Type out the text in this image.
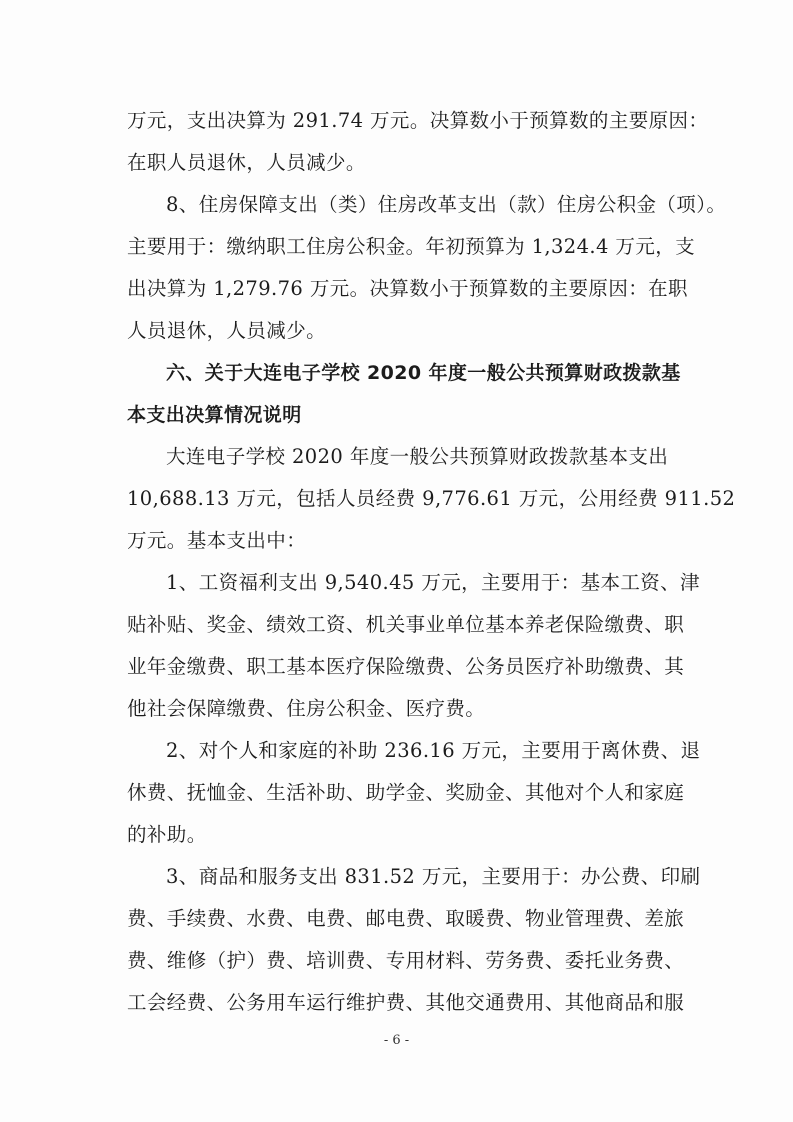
万元，支出决算为 291.74 万元。决算数小于预算数的主要原因：
在职人员退休，人员减少。
8、住房保障支出（类）住房改革支出（款）住房公积金（项）。
主要用于：缴纳职工住房公积金。年初预算为 1,324.4 万元，支
出决算为 1,279.76 万元。决算数小于预算数的主要原因：在职
人员退休，人员减少。
六、关于大连电子学校 2020 年度一般公共预算财政拨款基
本支出决算情况说明
大连电子学校 2020 年度一般公共预算财政拨款基本支出
10,688.13 万元，包括人员经费 9,776.61 万元，公用经费 911.52
万元。基本支出中：
1、工资福利支出 9,540.45 万元，主要用于：基本工资、津
贴补贴、奖金、绩效工资、机关事业单位基本养老保险缴费、职
业年金缴费、职工基本医疗保险缴费、公务员医疗补助缴费、其
他社会保障缴费、住房公积金、医疗费。
2、对个人和家庭的补助 236.16 万元，主要用于离休费、退
休费、抚恤金、生活补助、助学金、奖励金、其他对个人和家庭
的补助。
3、商品和服务支出 831.52 万元，主要用于：办公费、印刷
费、手续费、水费、电费、邮电费、取暖费、物业管理费、差旅
费、维修（护）费、培训费、专用材料、劳务费、委托业务费、
工会经费、公务用车运行维护费、其他交通费用、其他商品和服
- 6 -
